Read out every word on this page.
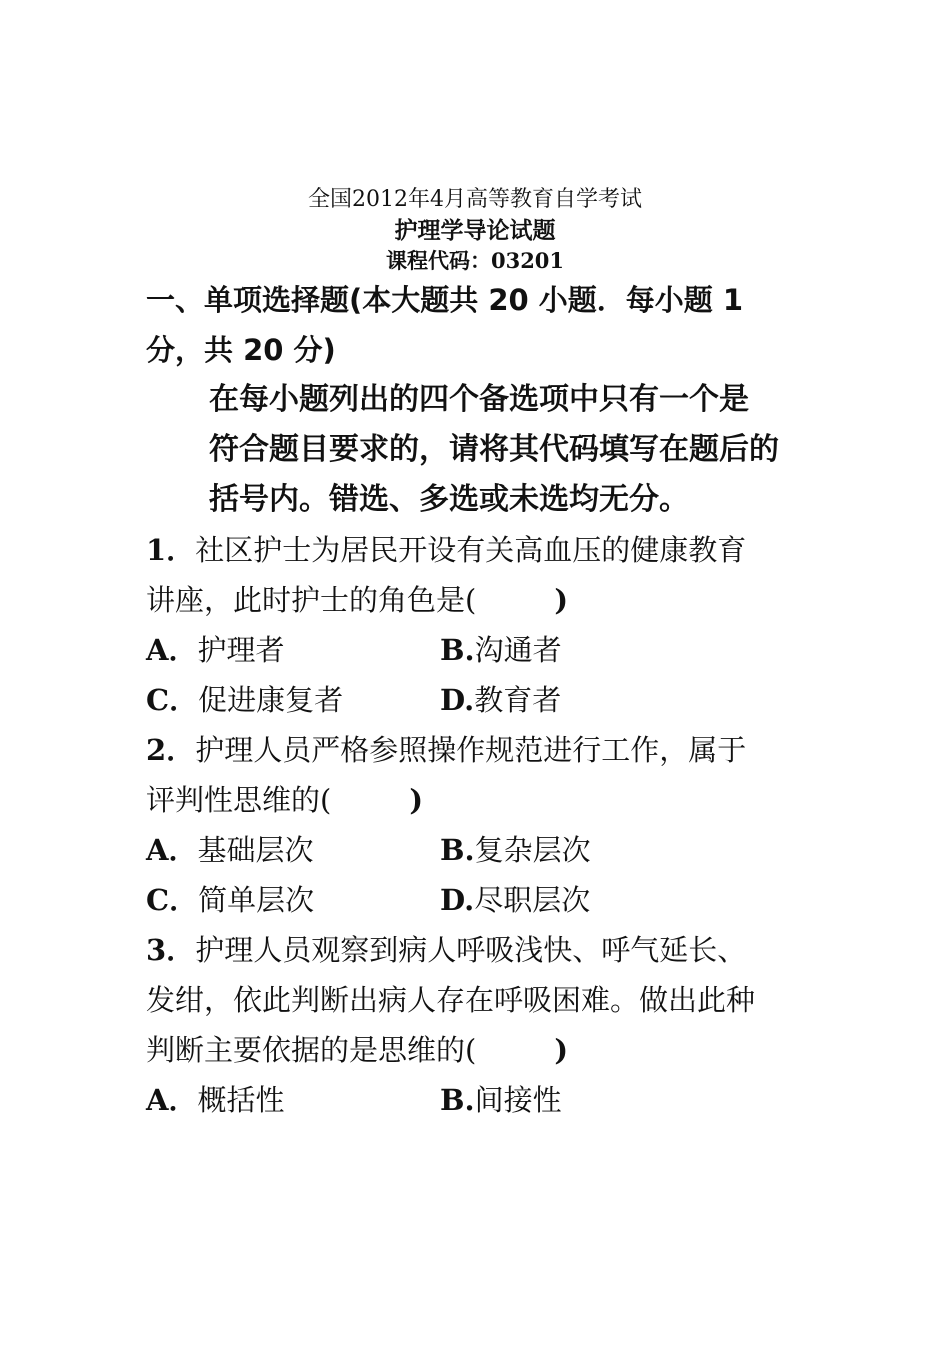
全国2012年4月高等教育自学考试
护理学导论试题
课程代码：03201
一、单项选择题(本大题共 20 小题．每小题 1
分，共 20 分)
在每小题列出的四个备选项中只有一个是
符合题目要求的，请将其代码填写在题后的
括号内。错选、多选或未选均无分。
1．社区护士为居民开设有关高血压的健康教育
讲座，此时护士的角色是(	)
A．护理者	B.沟通者
C．促进康复者	D.教育者
2．护理人员严格参照操作规范进行工作，属于
评判性思维的(	)
A．基础层次	B.复杂层次
C．简单层次	D.尽职层次
3．护理人员观察到病人呼吸浅快、呼气延长、
发绀，依此判断出病人存在呼吸困难。做出此种
判断主要依据的是思维的(	)
A．概括性	B.间接性
